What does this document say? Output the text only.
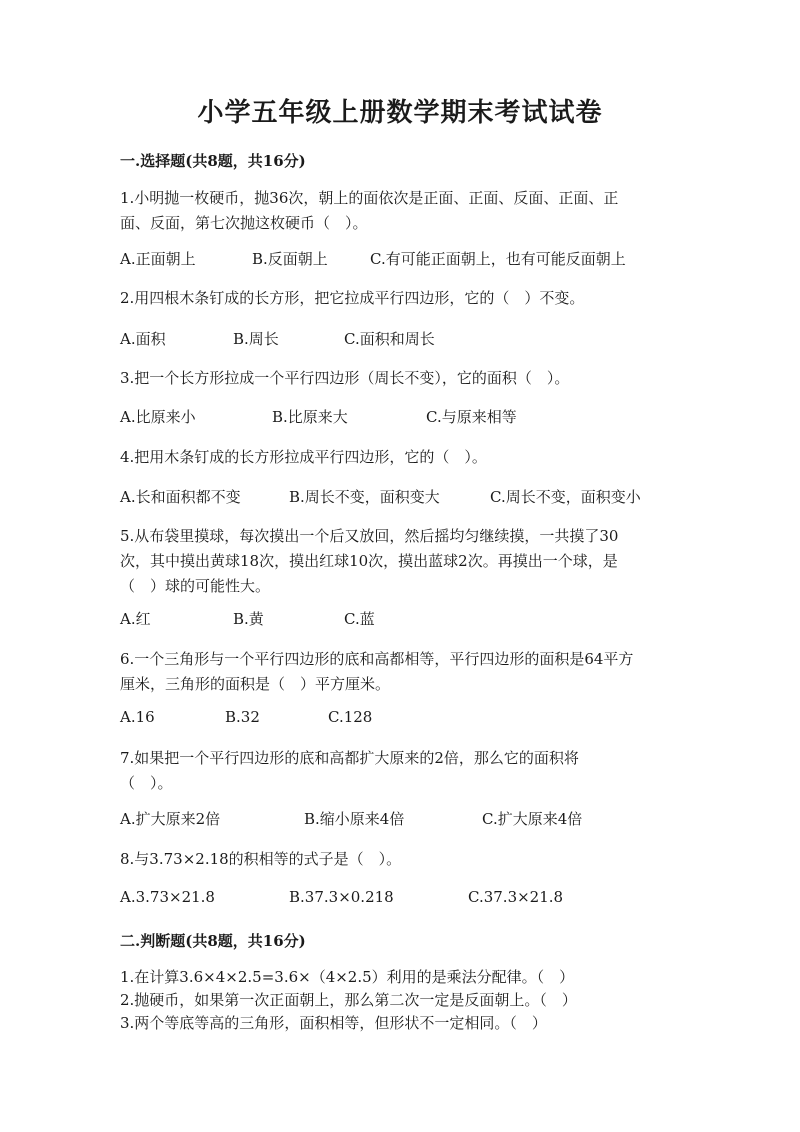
小学五年级上册数学期末考试试卷
一.选择题(共8题，共16分)
1.小明抛一枚硬币，抛36次，朝上的面依次是正面、正面、反面、正面、正
面、反面，第七次抛这枚硬币（　）。
A.正面朝上	B.反面朝上	C.有可能正面朝上，也有可能反面朝上
2.用四根木条钉成的长方形，把它拉成平行四边形，它的（　）不变。
A.面积	B.周长	C.面积和周长
3.把一个长方形拉成一个平行四边形（周长不变），它的面积（　）。
A.比原来小	B.比原来大	C.与原来相等
4.把用木条钉成的长方形拉成平行四边形，它的（　）。
A.长和面积都不变	B.周长不变，面积变大	C.周长不变，面积变小
5.从布袋里摸球，每次摸出一个后又放回，然后摇均匀继续摸，一共摸了30
次，其中摸出黄球18次，摸出红球10次，摸出蓝球2次。再摸出一个球，是
（　）球的可能性大。
A.红	B.黄	C.蓝
6.一个三角形与一个平行四边形的底和高都相等，平行四边形的面积是64平方
厘米，三角形的面积是（　）平方厘米。
A.16	B.32	C.128
7.如果把一个平行四边形的底和高都扩大原来的2倍，那么它的面积将
（　）。
A.扩大原来2倍	B.缩小原来4倍	C.扩大原来4倍
8.与3.73×2.18的积相等的式子是（　）。
A.3.73×21.8	B.37.3×0.218	C.37.3×21.8
二.判断题(共8题，共16分)
1.在计算3.6×4×2.5=3.6×（4×2.5）利用的是乘法分配律。（　）
2.抛硬币，如果第一次正面朝上，那么第二次一定是反面朝上。（　）
3.两个等底等高的三角形，面积相等，但形状不一定相同。（　）
